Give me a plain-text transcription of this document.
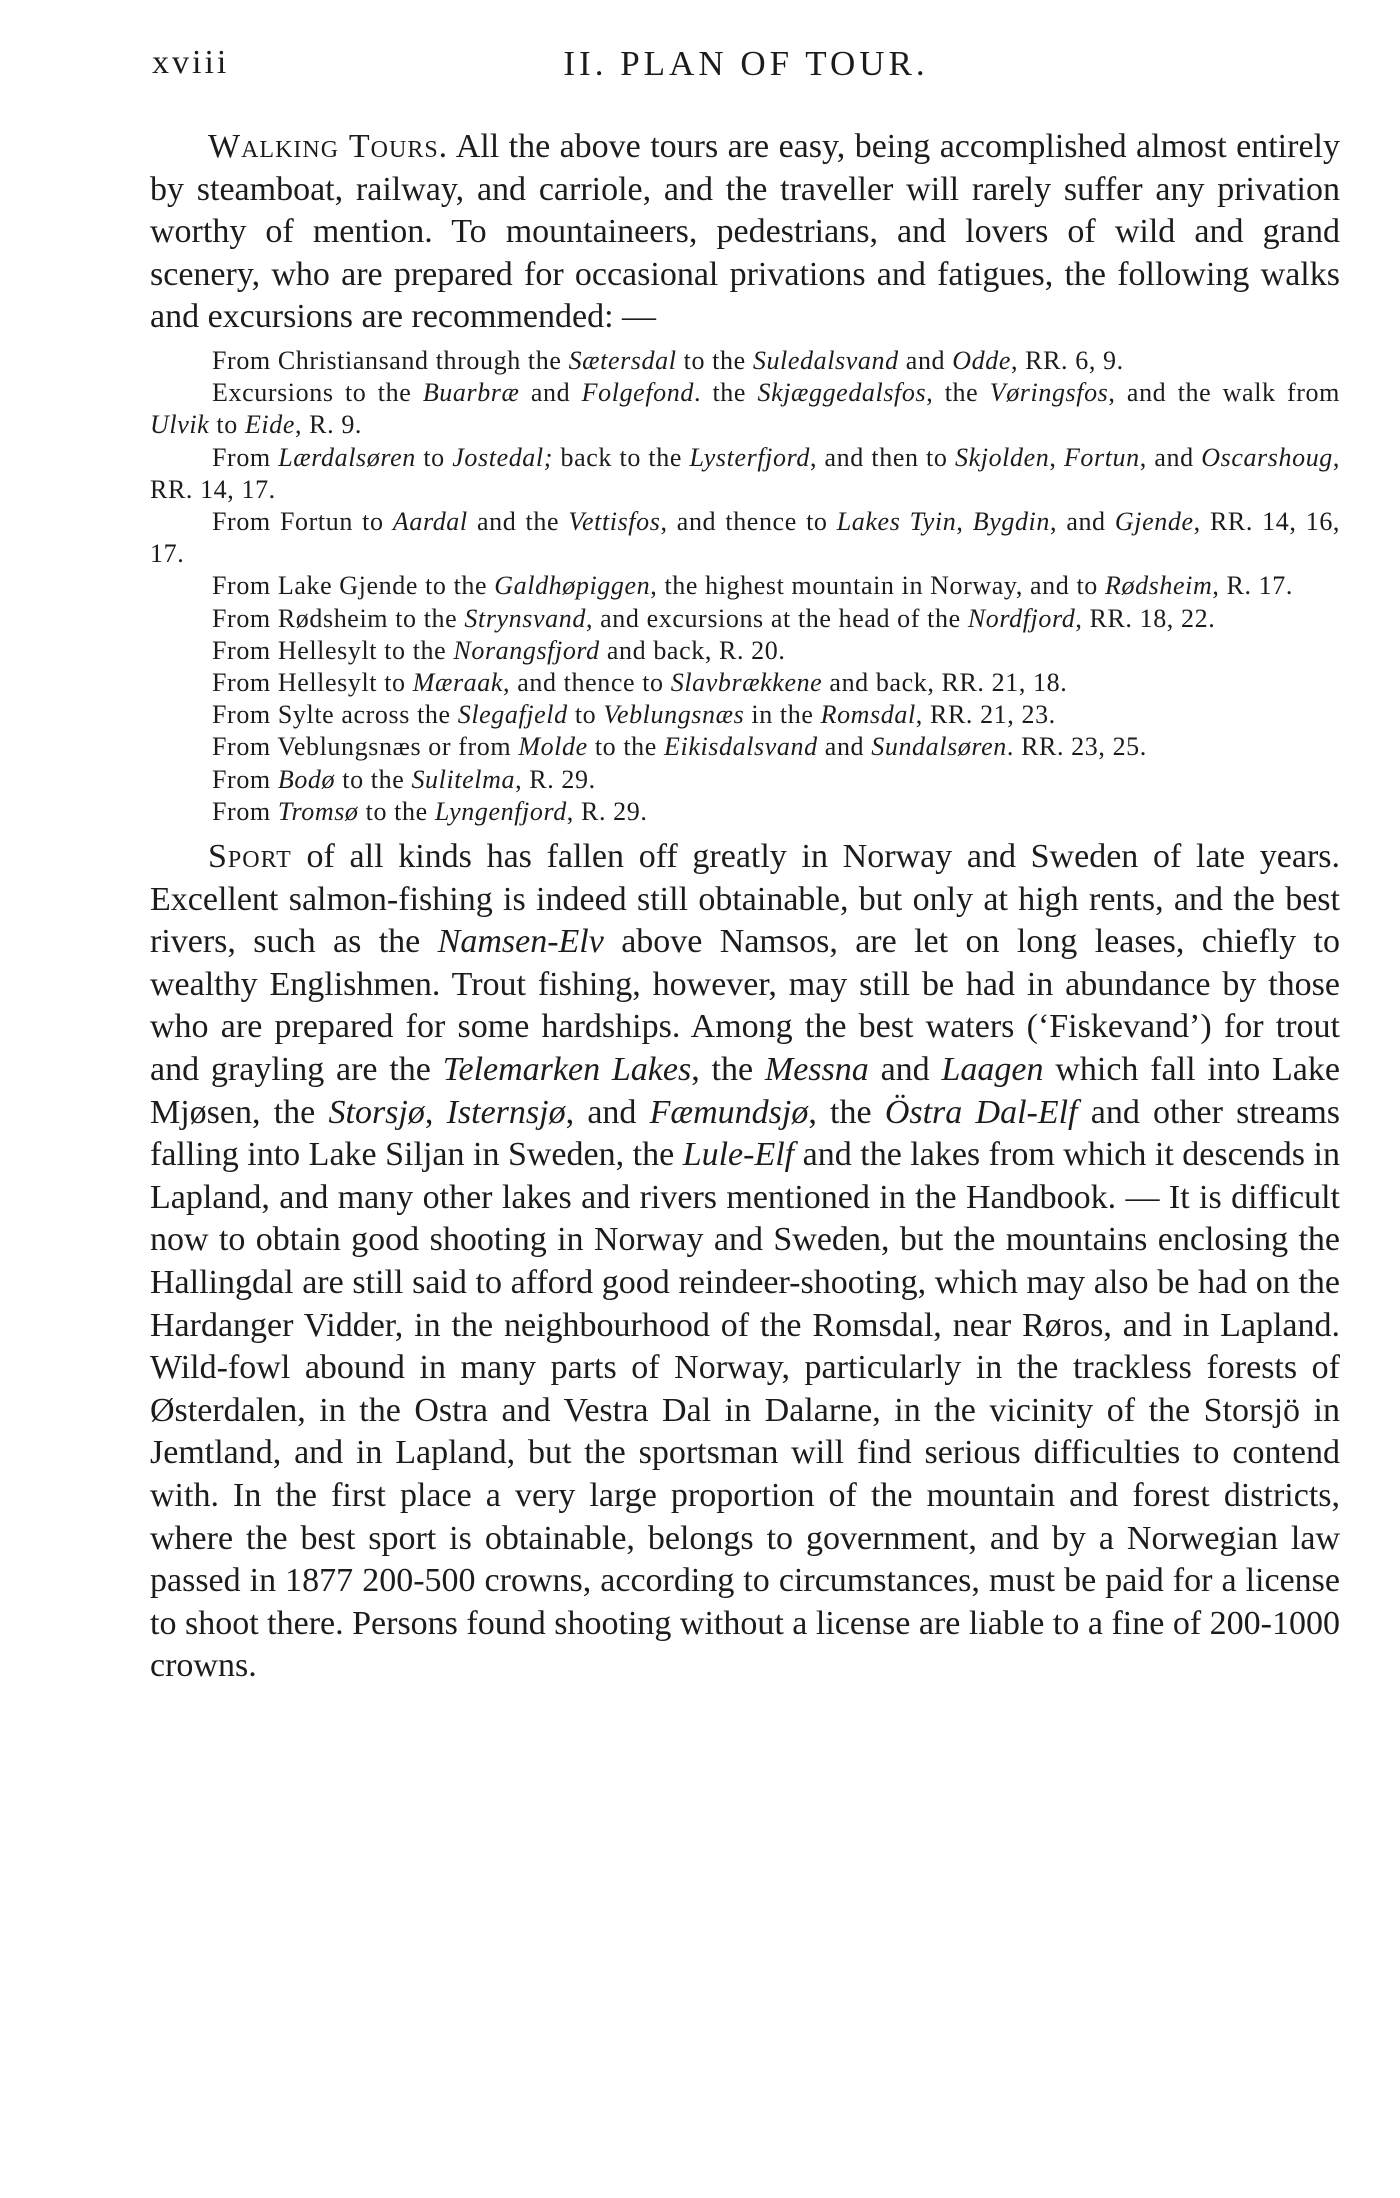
xviii	II. PLAN OF TOUR.

Walking Tours. All the above tours are easy, being accomplished almost entirely by steamboat, railway, and carriole, and the traveller will rarely suffer any privation worthy of mention. To mountaineers, pedestrians, and lovers of wild and grand scenery, who are prepared for occasional privations and fatigues, the following walks and excursions are recommended: —

From Christiansand through the Sætersdal to the Suledalsvand and Odde, RR. 6, 9.

Excursions to the Buarbræ and Folgefond. the Skjæggedalsfos, the Vøringsfos, and the walk from Ulvik to Eide, R. 9.

From Lærdalsøren to Jostedal; back to the Lysterfjord, and then to Skjolden, Fortun, and Oscarshoug, RR. 14, 17.

From Fortun to Aardal and the Vettisfos, and thence to Lakes Tyin, Bygdin, and Gjende, RR. 14, 16, 17.

From Lake Gjende to the Galdhøpiggen, the highest mountain in Norway, and to Rødsheim, R. 17.

From Rødsheim to the Strynsvand, and excursions at the head of the Nordfjord, RR. 18, 22.

From Hellesylt to the Norangsfjord and back, R. 20.

From Hellesylt to Mæraak, and thence to Slavbrækkene and back, RR. 21, 18.

From Sylte across the Slegafjeld to Veblungsnæs in the Romsdal, RR. 21, 23.

From Veblungsnæs or from Molde to the Eikisdalsvand and Sundalsøren. RR. 23, 25.

From Bodø to the Sulitelma, R. 29.

From Tromsø to the Lyngenfjord, R. 29.

Sport of all kinds has fallen off greatly in Norway and Sweden of late years. Excellent salmon-fishing is indeed still obtainable, but only at high rents, and the best rivers, such as the Namsen-Elv above Namsos, are let on long leases, chiefly to wealthy Englishmen. Trout fishing, however, may still be had in abundance by those who are prepared for some hardships. Among the best waters (‘Fiskevand’) for trout and grayling are the Telemarken Lakes, the Messna and Laagen which fall into Lake Mjøsen, the Storsjø, Isternsjø, and Fæmundsjø, the Östra Dal-Elf and other streams falling into Lake Siljan in Sweden, the Lule-Elf and the lakes from which it descends in Lapland, and many other lakes and rivers mentioned in the Handbook. — It is difficult now to obtain good shooting in Norway and Sweden, but the mountains enclosing the Hallingdal are still said to afford good reindeer-shooting, which may also be had on the Hardanger Vidder, in the neighbourhood of the Romsdal, near Røros, and in Lapland. Wild-fowl abound in many parts of Norway, particularly in the trackless forests of Østerdalen, in the Ostra and Vestra Dal in Dalarne, in the vicinity of the Storsjö in Jemtland, and in Lapland, but the sportsman will find serious difficulties to contend with. In the first place a very large proportion of the mountain and forest districts, where the best sport is obtainable, belongs to government, and by a Norwegian law passed in 1877 200-500 crowns, according to circumstances, must be paid for a license to shoot there. Persons found shooting without a license are liable to a fine of 200-1000 crowns.
